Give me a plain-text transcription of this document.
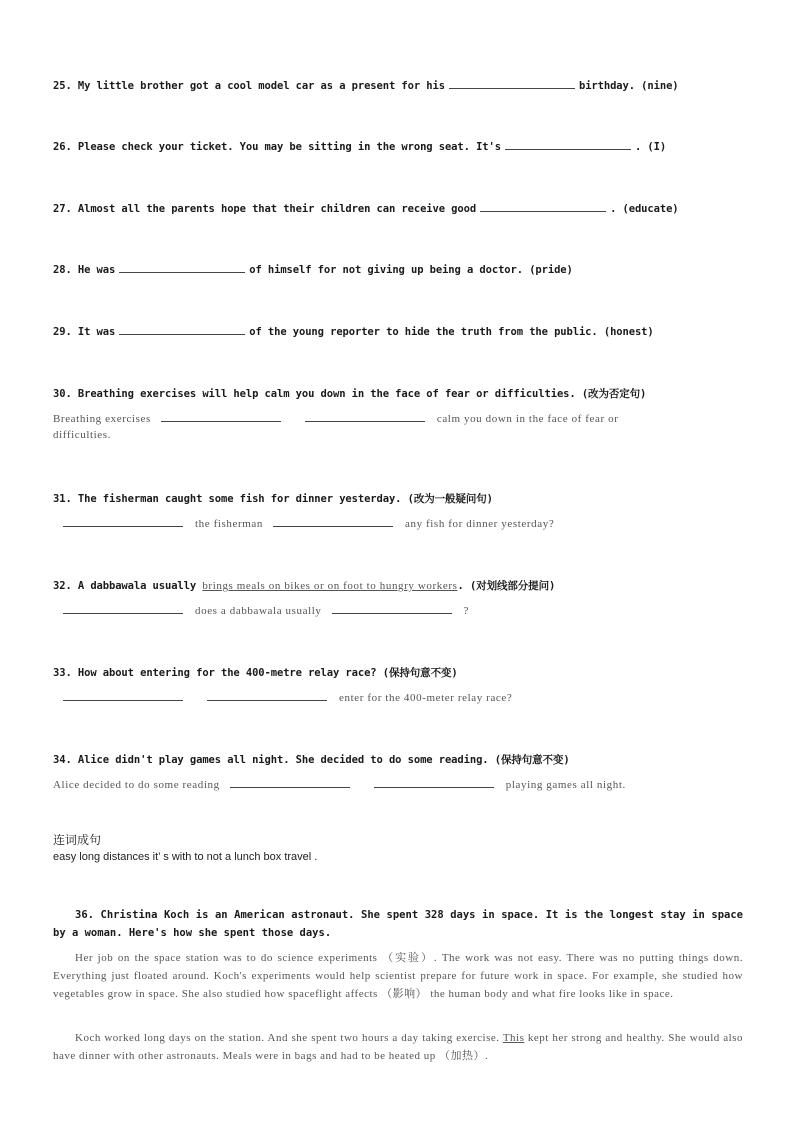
25. My little brother got a cool model car as a present for his	birthday. (nine)
26. Please check your ticket. You may be sitting in the wrong seat. It's	. (I)
27. Almost all the parents hope that their children can receive good	. (educate)
28. He was	of himself for not giving up being a doctor. (pride)
29. It was	of the young reporter to hide the truth from the public. (honest)
30. Breathing exercises will help calm you down in the face of fear or difficulties. (改为否定句)
Breathing exercises	calm you down in the face of fear or
difficulties.
31. The fisherman caught some fish for dinner yesterday. (改为一般疑问句)
the fisherman	any fish for dinner yesterday?
32. A dabbawala usually brings meals on bikes or on foot to hungry workers. (对划线部分提问)
does a dabbawala usually	?
33. How about entering for the 400-metre relay race? (保持句意不变)
enter for the 400-meter relay race?
34. Alice didn't play games all night. She decided to do some reading. (保持句意不变)
Alice decided to do some reading	playing games all night.
连词成句
easy long distances it’ s with to not a lunch box travel .
36. Christina Koch is an American astronaut. She spent 328 days in space. It is the longest stay in space by a woman. Here's how she spent those days.
Her job on the space station was to do science experiments （实验）. The work was not easy. There was no putting things down. Everything just floated around. Koch's experiments would help scientist prepare for future work in space. For example, she studied how vegetables grow in space. She also studied how spaceflight affects （影响） the human body and what fire looks like in space.
Koch worked long days on the station. And she spent two hours a day taking exercise. This kept her strong and healthy. She would also have dinner with other astronauts. Meals were in bags and had to be heated up （加热）.
